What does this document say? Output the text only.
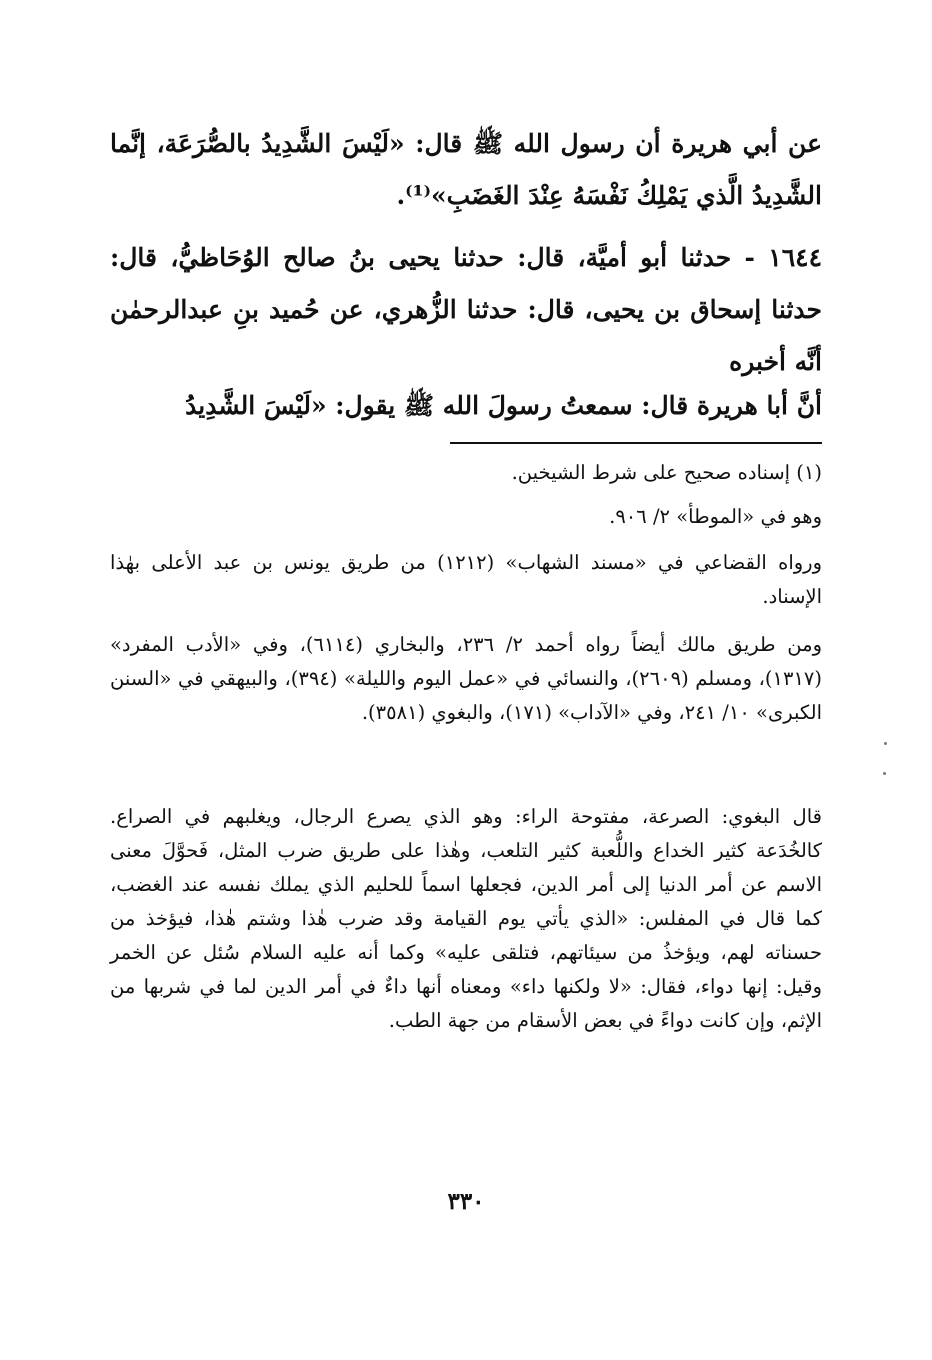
عن أبي هريرة أن رسول الله ﷺ قال: «لَيْسَ الشَّدِيدُ بالصُّرَعَة، إنَّما الشَّدِيدُ الَّذي يَمْلِكُ نَفْسَهُ عِنْدَ الغَضَبِ»⁽¹⁾.

١٦٤٤ - حدثنا أبو أميَّة، قال: حدثنا يحيى بنُ صالح الوُحَاظيُّ، قال: حدثنا إسحاق بن يحيى، قال: حدثنا الزُّهري، عن حُميد بنِ عبدالرحمٰن أنَّه أخبره

أنَّ أبا هريرة قال: سمعتُ رسولَ الله ﷺ يقول: «لَيْسَ الشَّدِيدُ

(١) إسناده صحيح على شرط الشيخين.

وهو في «الموطأ» ٢/ ٩٠٦.

ورواه القضاعي في «مسند الشهاب» (١٢١٢) من طريق يونس بن عبد الأعلى بهٰذا الإسناد.

ومن طريق مالك أيضاً رواه أحمد ٢/ ٢٣٦، والبخاري (٦١١٤)، وفي «الأدب المفرد» (١٣١٧)، ومسلم (٢٦٠٩)، والنسائي في «عمل اليوم والليلة» (٣٩٤)، والبيهقي في «السنن الكبرى» ١٠/ ٢٤١، وفي «الآداب» (١٧١)، والبغوي (٣٥٨١).

قال البغوي: الصرعة، مفتوحة الراء: وهو الذي يصرع الرجال، ويغلبهم في الصراع. كالخُدَعة كثير الخداع واللُّعبة كثير التلعب، وهٰذا على طريق ضرب المثل، فَحوَّلَ معنى الاسم عن أمر الدنيا إلى أمر الدين، فجعلها اسماً للحليم الذي يملك نفسه عند الغضب، كما قال في المفلس: «الذي يأتي يوم القيامة وقد ضرب هٰذا وشتم هٰذا، فيؤخذ من حسناته لهم، ويؤخذُ من سيئاتهم، فتلقى عليه» وكما أنه عليه السلام سُئل عن الخمر وقيل: إنها دواء، فقال: «لا ولكنها داء» ومعناه أنها داءٌ في أمر الدين لما في شربها من الإثم، وإن كانت دواءً في بعض الأسقام من جهة الطب.

٣٣٠
